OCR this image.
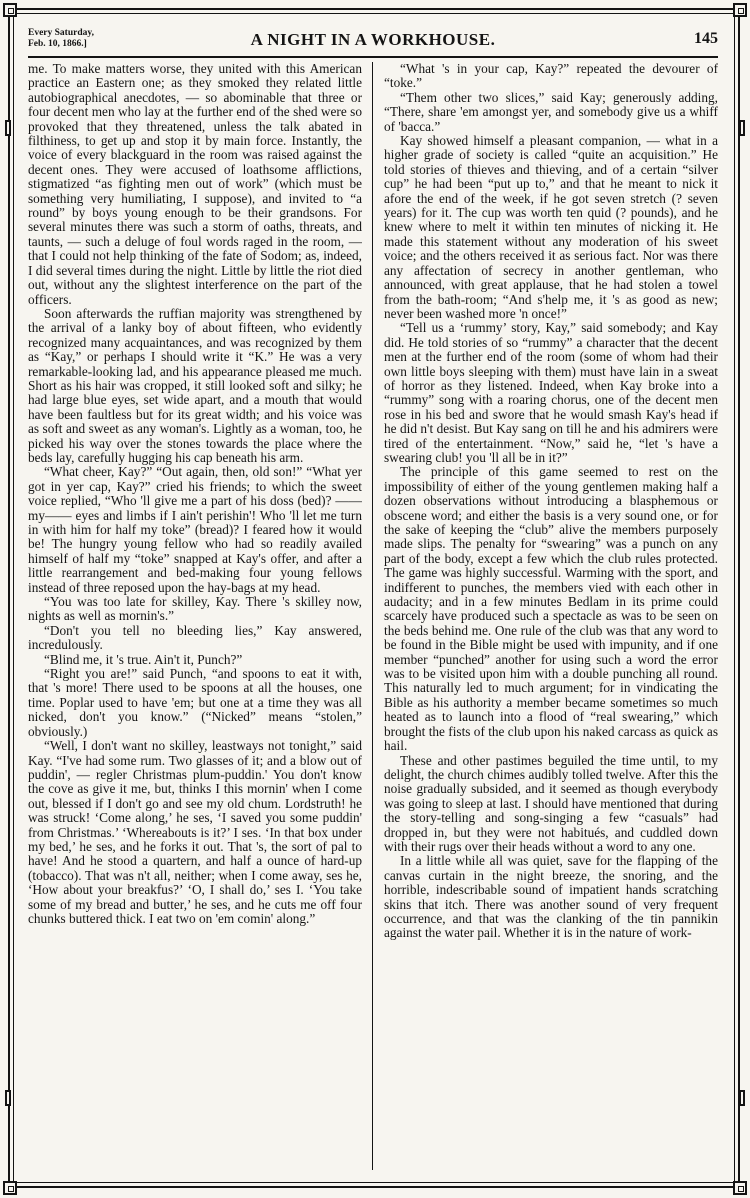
Every Saturday,
Feb. 10, 1866.]	A NIGHT IN A WORKHOUSE.	145

me. To make matters worse, they united with this American practice an Eastern one; as they smoked they related little autobiographical anecdotes, — so abominable that three or four decent men who lay at the further end of the shed were so provoked that they threatened, unless the talk abated in filthiness, to get up and stop it by main force. Instantly, the voice of every blackguard in the room was raised against the decent ones. They were accused of loathsome afflictions, stigmatized “as fighting men out of work” (which must be something very humiliating, I suppose), and invited to “a round” by boys young enough to be their grandsons. For several minutes there was such a storm of oaths, threats, and taunts, — such a deluge of foul words raged in the room, — that I could not help thinking of the fate of Sodom; as, indeed, I did several times during the night. Little by little the riot died out, without any the slightest interference on the part of the officers.

Soon afterwards the ruffian majority was strengthened by the arrival of a lanky boy of about fifteen, who evidently recognized many acquaintances, and was recognized by them as “Kay,” or perhaps I should write it “K.” He was a very remarkable-looking lad, and his appearance pleased me much. Short as his hair was cropped, it still looked soft and silky; he had large blue eyes, set wide apart, and a mouth that would have been faultless but for its great width; and his voice was as soft and sweet as any woman's. Lightly as a woman, too, he picked his way over the stones towards the place where the beds lay, carefully hugging his cap beneath his arm.

“What cheer, Kay?” “Out again, then, old son!” “What yer got in yer cap, Kay?” cried his friends; to which the sweet voice replied, “Who 'll give me a part of his doss (bed)? ——my—— eyes and limbs if I ain't perishin'! Who 'll let me turn in with him for half my toke” (bread)? I feared how it would be! The hungry young fellow who had so readily availed himself of half my “toke” snapped at Kay's offer, and after a little rearrangement and bed-making four young fellows instead of three reposed upon the hay-bags at my head.

“You was too late for skilley, Kay. There 's skilley now, nights as well as mornin's.”

“Don't you tell no bleeding lies,” Kay answered, incredulously.

“Blind me, it 's true. Ain't it, Punch?”

“Right you are!” said Punch, “and spoons to eat it with, that 's more! There used to be spoons at all the houses, one time. Poplar used to have 'em; but one at a time they was all nicked, don't you know.” (“Nicked” means “stolen,” obviously.)

“Well, I don't want no skilley, leastways not tonight,” said Kay. “I've had some rum. Two glasses of it; and a blow out of puddin', — regler Christmas plum-puddin.' You don't know the cove as give it me, but, thinks I this mornin' when I come out, blessed if I don't go and see my old chum. Lordstruth! he was struck! ‘Come along,’ he ses, ‘I saved you some puddin' from Christmas.’ ‘Whereabouts is it?’ I ses. ‘In that box under my bed,’ he ses, and he forks it out. That 's, the sort of pal to have! And he stood a quartern, and half a ounce of hard-up (tobacco). That was n't all, neither; when I come away, ses he, ‘How about your breakfus?’ ‘O, I shall do,’ ses I. ‘You take some of my bread and butter,’ he ses, and he cuts me off four chunks buttered thick. I eat two on 'em comin' along.”

“What 's in your cap, Kay?” repeated the devourer of “toke.”

“Them other two slices,” said Kay; generously adding, “There, share 'em amongst yer, and somebody give us a whiff of 'bacca.”

Kay showed himself a pleasant companion, — what in a higher grade of society is called “quite an acquisition.” He told stories of thieves and thieving, and of a certain “silver cup” he had been “put up to,” and that he meant to nick it afore the end of the week, if he got seven stretch (? seven years) for it. The cup was worth ten quid (? pounds), and he knew where to melt it within ten minutes of nicking it. He made this statement without any moderation of his sweet voice; and the others received it as serious fact. Nor was there any affectation of secrecy in another gentleman, who announced, with great applause, that he had stolen a towel from the bath-room; “And s'help me, it 's as good as new; never been washed more 'n once!”

“Tell us a ‘rummy’ story, Kay,” said somebody; and Kay did. He told stories of so “rummy” a character that the decent men at the further end of the room (some of whom had their own little boys sleeping with them) must have lain in a sweat of horror as they listened. Indeed, when Kay broke into a “rummy” song with a roaring chorus, one of the decent men rose in his bed and swore that he would smash Kay's head if he did n't desist. But Kay sang on till he and his admirers were tired of the entertainment. “Now,” said he, “let 's have a swearing club! you 'll all be in it?”

The principle of this game seemed to rest on the impossibility of either of the young gentlemen making half a dozen observations without introducing a blasphemous or obscene word; and either the basis is a very sound one, or for the sake of keeping the “club” alive the members purposely made slips. The penalty for “swearing” was a punch on any part of the body, except a few which the club rules protected. The game was highly successful. Warming with the sport, and indifferent to punches, the members vied with each other in audacity; and in a few minutes Bedlam in its prime could scarcely have produced such a spectacle as was to be seen on the beds behind me. One rule of the club was that any word to be found in the Bible might be used with impunity, and if one member “punched” another for using such a word the error was to be visited upon him with a double punching all round. This naturally led to much argument; for in vindicating the Bible as his authority a member became sometimes so much heated as to launch into a flood of “real swearing,” which brought the fists of the club upon his naked carcass as quick as hail.

These and other pastimes beguiled the time until, to my delight, the church chimes audibly tolled twelve. After this the noise gradually subsided, and it seemed as though everybody was going to sleep at last. I should have mentioned that during the story-telling and song-singing a few “casuals” had dropped in, but they were not habitués, and cuddled down with their rugs over their heads without a word to any one.

In a little while all was quiet, save for the flapping of the canvas curtain in the night breeze, the snoring, and the horrible, indescribable sound of impatient hands scratching skins that itch. There was another sound of very frequent occurrence, and that was the clanking of the tin pannikin against the water pail. Whether it is in the nature of work-
